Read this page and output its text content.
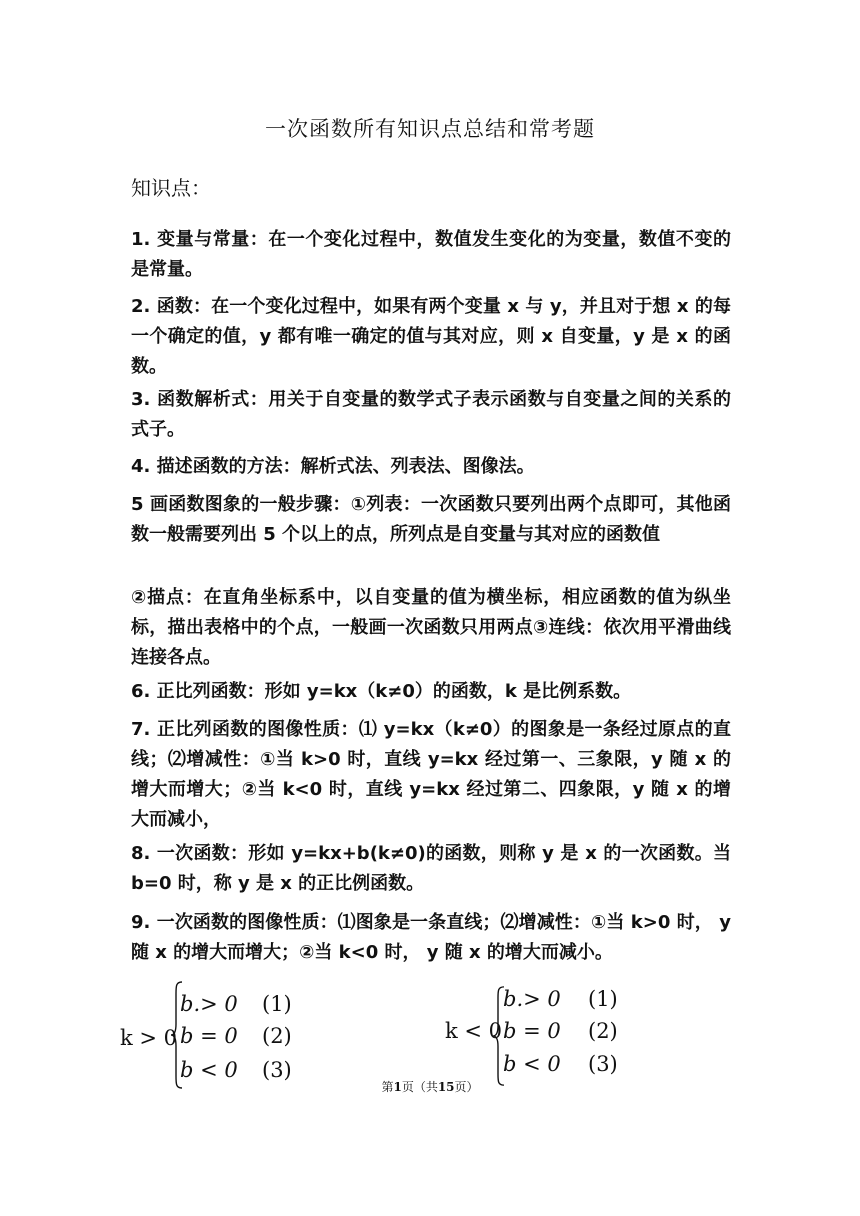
一次函数所有知识点总结和常考题
知识点：
1. 变量与常量：在一个变化过程中，数值发生变化的为变量，数值不变的是常量。
2. 函数：在一个变化过程中，如果有两个变量 x 与 y，并且对于想 x 的每一个确定的值，y 都有唯一确定的值与其对应，则 x 自变量，y 是 x 的函数。
3. 函数解析式：用关于自变量的数学式子表示函数与自变量之间的关系的式子。
4. 描述函数的方法：解析式法、列表法、图像法。
5 画函数图象的一般步骤：①列表：一次函数只要列出两个点即可，其他函数一般需要列出 5 个以上的点，所列点是自变量与其对应的函数值
②描点：在直角坐标系中，以自变量的值为横坐标，相应函数的值为纵坐标，描出表格中的个点，一般画一次函数只用两点③连线：依次用平滑曲线连接各点。
6. 正比列函数：形如 y=kx（k≠0）的函数，k 是比例系数。
7. 正比列函数的图像性质：⑴ y=kx（k≠0）的图象是一条经过原点的直线；⑵增减性：①当 k>0 时，直线 y=kx 经过第一、三象限，y 随 x 的增大而增大；②当 k<0 时，直线 y=kx 经过第二、四象限，y 随 x 的增大而减小，
8. 一次函数：形如 y=kx+b(k≠0)的函数，则称 y 是 x 的一次函数。当 b=0 时，称 y 是 x 的正比例函数。
9. 一次函数的图像性质：⑴图象是一条直线；⑵增减性：①当 k>0 时， y 随 x 的增大而增大；②当 k<0 时， y 随 x 的增大而减小。
k > 0
b.> 0 (1)
b = 0 (2)
b < 0 (3)
k < 0
b.> 0 (1)
b = 0 (2)
b < 0 (3)
第1页（共15页）
